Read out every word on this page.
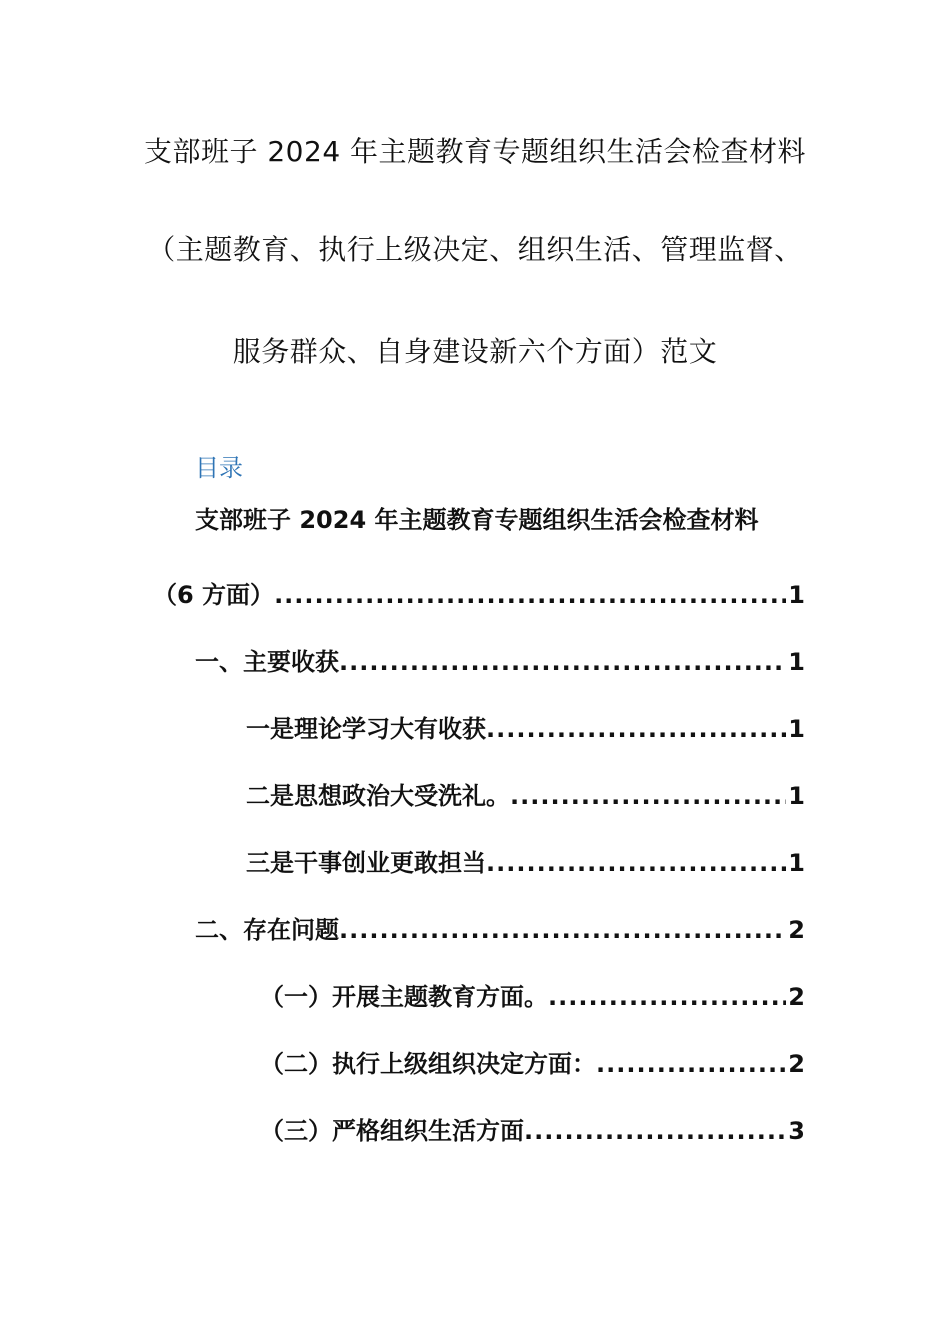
支部班子 2024 年主题教育专题组织生活会检查材料
（主题教育、执行上级决定、组织生活、管理监督、
服务群众、自身建设新六个方面）范文
目录
支部班子 2024 年主题教育专题组织生活会检查材料
（6 方面） .....	1
一、主要收获 .....	1
一是理论学习大有收获 .....	1
二是思想政治大受洗礼。 .....	1
三是干事创业更敢担当 .....	1
二、存在问题 .....	2
（一）开展主题教育方面。 .....	2
（二）执行上级组织决定方面： .....	2
（三）严格组织生活方面 .....	3
